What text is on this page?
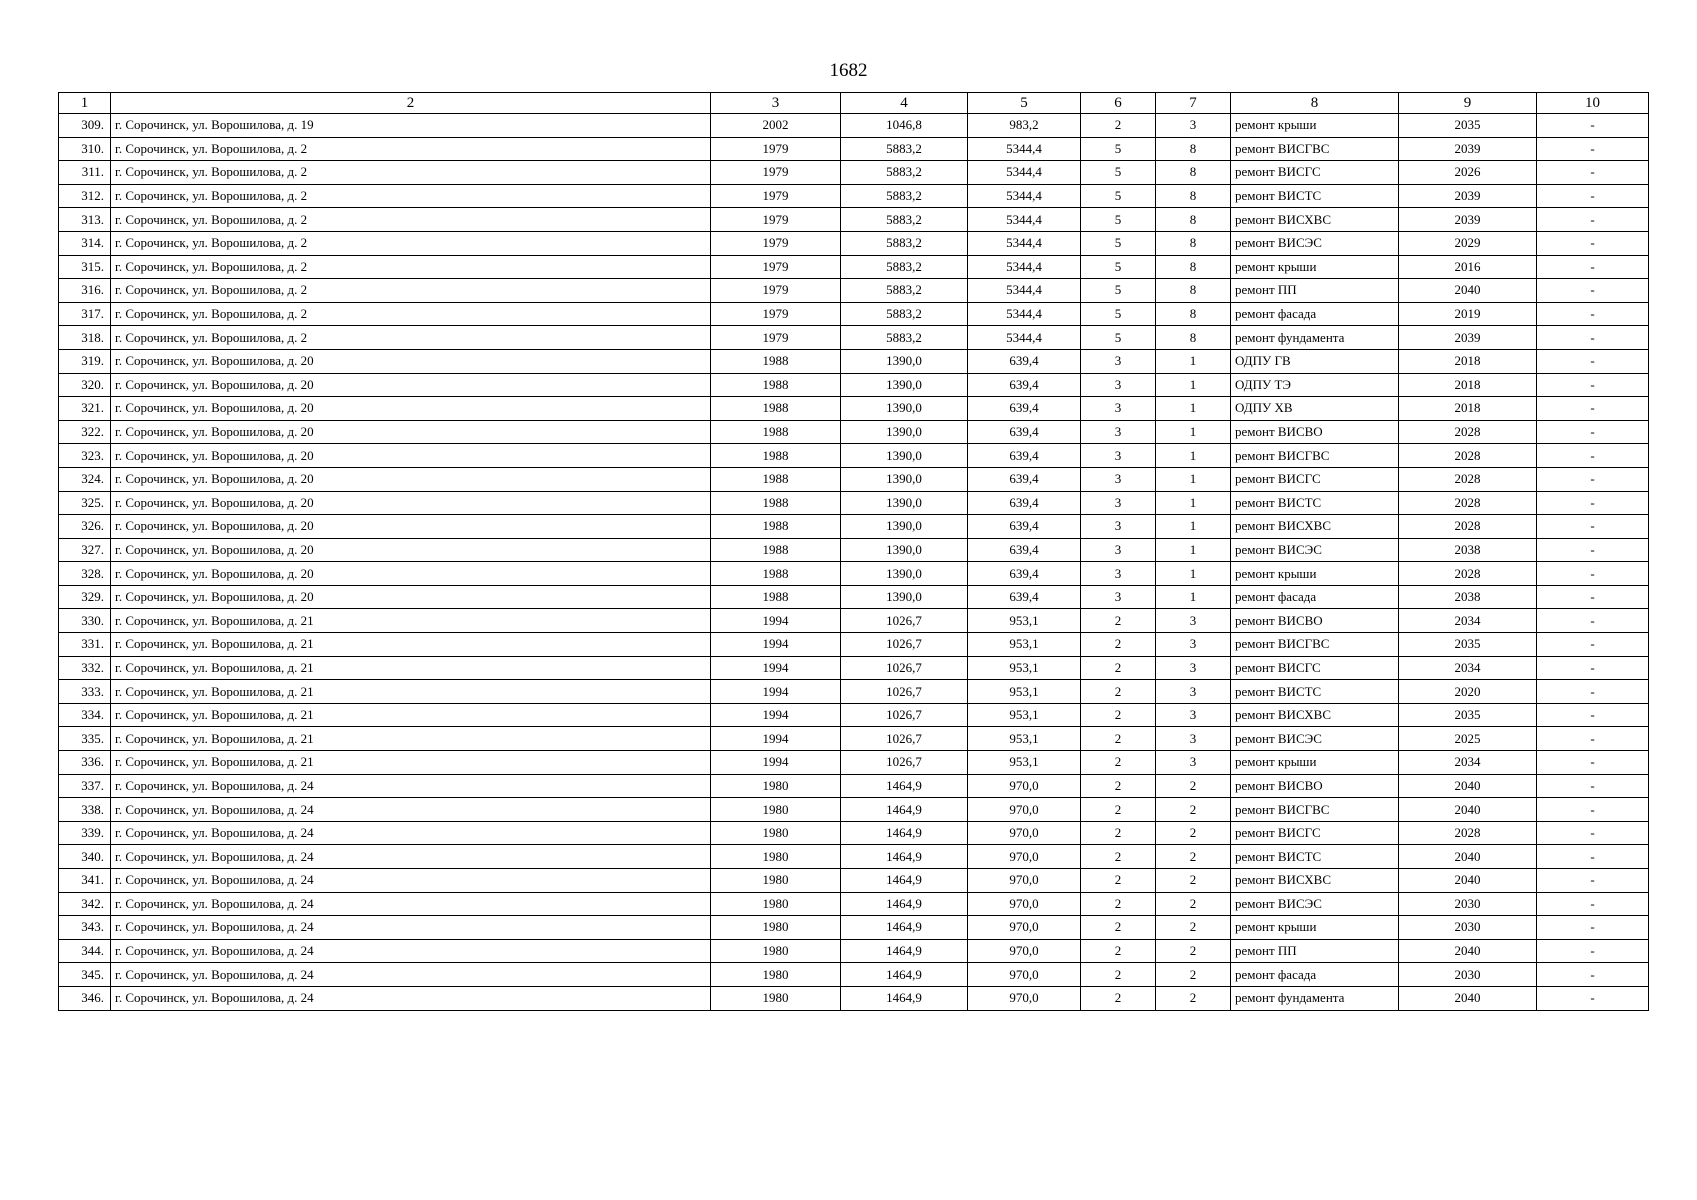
1682
1	2	3	4	5	6	7	8	9	10
309.	г. Сорочинск, ул. Ворошилова, д. 19	2002	1046,8	983,2	2	3	ремонт крыши	2035	-
310.	г. Сорочинск, ул. Ворошилова, д. 2	1979	5883,2	5344,4	5	8	ремонт ВИСГВС	2039	-
311.	г. Сорочинск, ул. Ворошилова, д. 2	1979	5883,2	5344,4	5	8	ремонт ВИСГС	2026	-
312.	г. Сорочинск, ул. Ворошилова, д. 2	1979	5883,2	5344,4	5	8	ремонт ВИСТС	2039	-
313.	г. Сорочинск, ул. Ворошилова, д. 2	1979	5883,2	5344,4	5	8	ремонт ВИСХВС	2039	-
314.	г. Сорочинск, ул. Ворошилова, д. 2	1979	5883,2	5344,4	5	8	ремонт ВИСЭС	2029	-
315.	г. Сорочинск, ул. Ворошилова, д. 2	1979	5883,2	5344,4	5	8	ремонт крыши	2016	-
316.	г. Сорочинск, ул. Ворошилова, д. 2	1979	5883,2	5344,4	5	8	ремонт ПП	2040	-
317.	г. Сорочинск, ул. Ворошилова, д. 2	1979	5883,2	5344,4	5	8	ремонт фасада	2019	-
318.	г. Сорочинск, ул. Ворошилова, д. 2	1979	5883,2	5344,4	5	8	ремонт фундамента	2039	-
319.	г. Сорочинск, ул. Ворошилова, д. 20	1988	1390,0	639,4	3	1	ОДПУ ГВ	2018	-
320.	г. Сорочинск, ул. Ворошилова, д. 20	1988	1390,0	639,4	3	1	ОДПУ ТЭ	2018	-
321.	г. Сорочинск, ул. Ворошилова, д. 20	1988	1390,0	639,4	3	1	ОДПУ ХВ	2018	-
322.	г. Сорочинск, ул. Ворошилова, д. 20	1988	1390,0	639,4	3	1	ремонт ВИСВО	2028	-
323.	г. Сорочинск, ул. Ворошилова, д. 20	1988	1390,0	639,4	3	1	ремонт ВИСГВС	2028	-
324.	г. Сорочинск, ул. Ворошилова, д. 20	1988	1390,0	639,4	3	1	ремонт ВИСГС	2028	-
325.	г. Сорочинск, ул. Ворошилова, д. 20	1988	1390,0	639,4	3	1	ремонт ВИСТС	2028	-
326.	г. Сорочинск, ул. Ворошилова, д. 20	1988	1390,0	639,4	3	1	ремонт ВИСХВС	2028	-
327.	г. Сорочинск, ул. Ворошилова, д. 20	1988	1390,0	639,4	3	1	ремонт ВИСЭС	2038	-
328.	г. Сорочинск, ул. Ворошилова, д. 20	1988	1390,0	639,4	3	1	ремонт крыши	2028	-
329.	г. Сорочинск, ул. Ворошилова, д. 20	1988	1390,0	639,4	3	1	ремонт фасада	2038	-
330.	г. Сорочинск, ул. Ворошилова, д. 21	1994	1026,7	953,1	2	3	ремонт ВИСВО	2034	-
331.	г. Сорочинск, ул. Ворошилова, д. 21	1994	1026,7	953,1	2	3	ремонт ВИСГВС	2035	-
332.	г. Сорочинск, ул. Ворошилова, д. 21	1994	1026,7	953,1	2	3	ремонт ВИСГС	2034	-
333.	г. Сорочинск, ул. Ворошилова, д. 21	1994	1026,7	953,1	2	3	ремонт ВИСТС	2020	-
334.	г. Сорочинск, ул. Ворошилова, д. 21	1994	1026,7	953,1	2	3	ремонт ВИСХВС	2035	-
335.	г. Сорочинск, ул. Ворошилова, д. 21	1994	1026,7	953,1	2	3	ремонт ВИСЭС	2025	-
336.	г. Сорочинск, ул. Ворошилова, д. 21	1994	1026,7	953,1	2	3	ремонт крыши	2034	-
337.	г. Сорочинск, ул. Ворошилова, д. 24	1980	1464,9	970,0	2	2	ремонт ВИСВО	2040	-
338.	г. Сорочинск, ул. Ворошилова, д. 24	1980	1464,9	970,0	2	2	ремонт ВИСГВС	2040	-
339.	г. Сорочинск, ул. Ворошилова, д. 24	1980	1464,9	970,0	2	2	ремонт ВИСГС	2028	-
340.	г. Сорочинск, ул. Ворошилова, д. 24	1980	1464,9	970,0	2	2	ремонт ВИСТС	2040	-
341.	г. Сорочинск, ул. Ворошилова, д. 24	1980	1464,9	970,0	2	2	ремонт ВИСХВС	2040	-
342.	г. Сорочинск, ул. Ворошилова, д. 24	1980	1464,9	970,0	2	2	ремонт ВИСЭС	2030	-
343.	г. Сорочинск, ул. Ворошилова, д. 24	1980	1464,9	970,0	2	2	ремонт крыши	2030	-
344.	г. Сорочинск, ул. Ворошилова, д. 24	1980	1464,9	970,0	2	2	ремонт ПП	2040	-
345.	г. Сорочинск, ул. Ворошилова, д. 24	1980	1464,9	970,0	2	2	ремонт фасада	2030	-
346.	г. Сорочинск, ул. Ворошилова, д. 24	1980	1464,9	970,0	2	2	ремонт фундамента	2040	-
